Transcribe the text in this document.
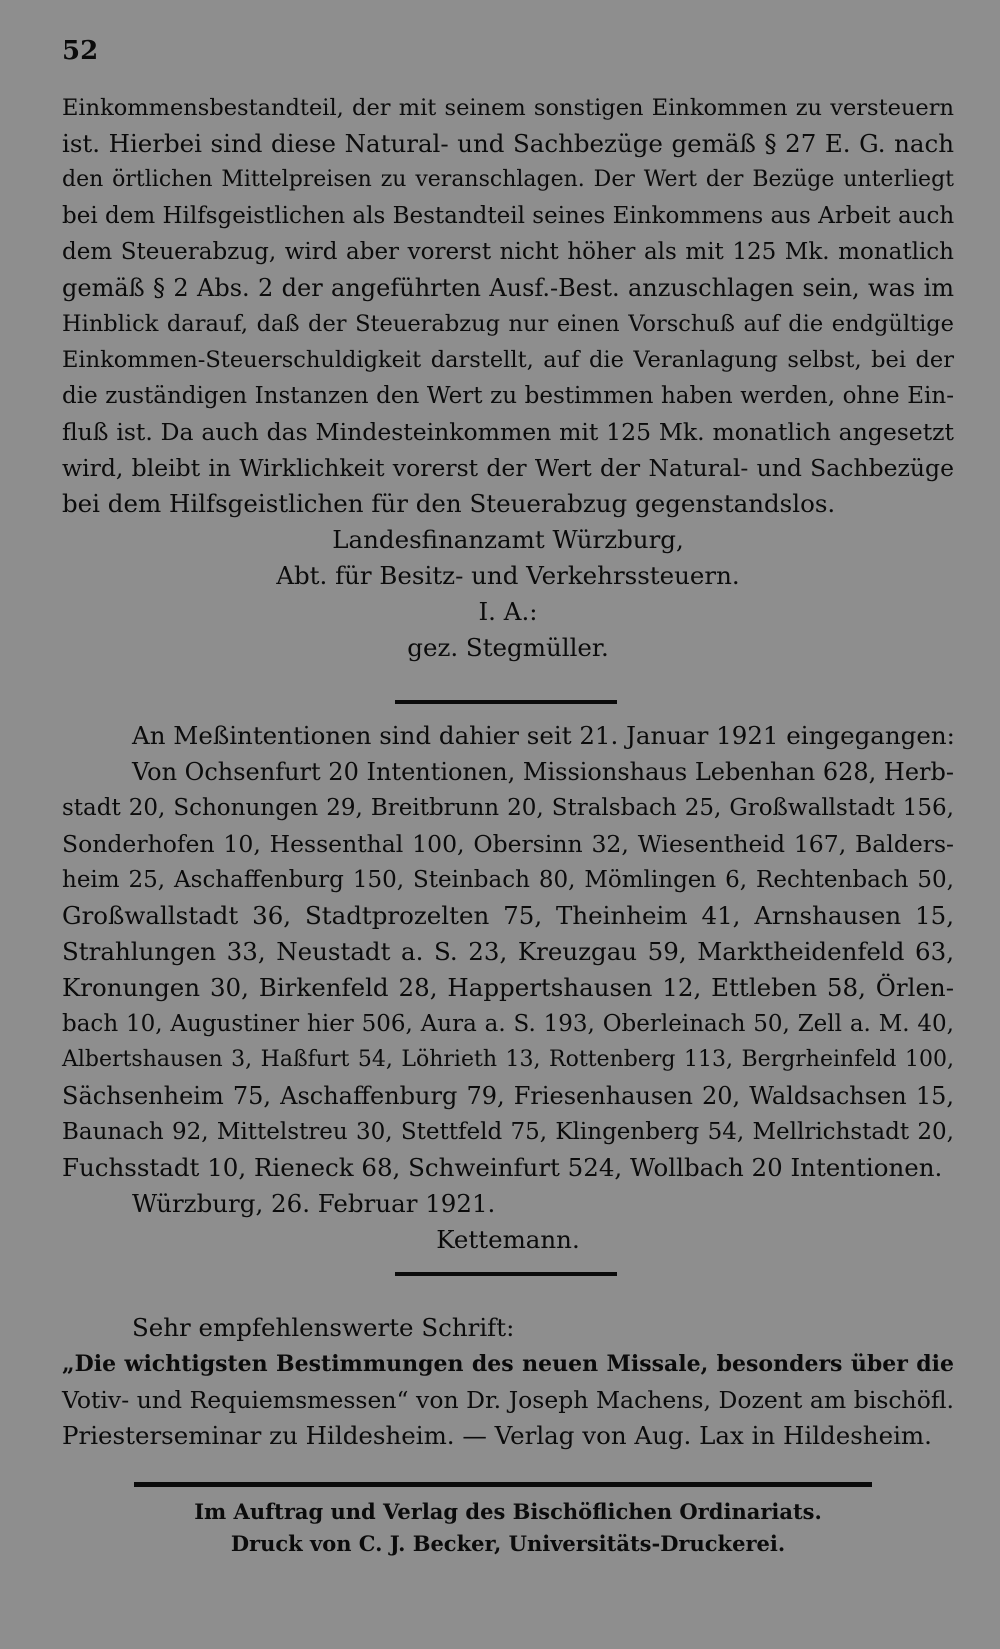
52
Einkommensbestandteil, der mit seinem sonstigen Einkommen zu versteuern
ist. Hierbei sind diese Natural- und Sachbezüge gemäß § 27 E. G. nach
den örtlichen Mittelpreisen zu veranschlagen. Der Wert der Bezüge unterliegt
bei dem Hilfsgeistlichen als Bestandteil seines Einkommens aus Arbeit auch
dem Steuerabzug, wird aber vorerst nicht höher als mit 125 Mk. monatlich
gemäß § 2 Abs. 2 der angeführten Ausf.-Best. anzuschlagen sein, was im
Hinblick darauf, daß der Steuerabzug nur einen Vorschuß auf die endgültige
Einkommen-Steuerschuldigkeit darstellt, auf die Veranlagung selbst, bei der
die zuständigen Instanzen den Wert zu bestimmen haben werden, ohne Ein-
fluß ist. Da auch das Mindesteinkommen mit 125 Mk. monatlich angesetzt
wird, bleibt in Wirklichkeit vorerst der Wert der Natural- und Sachbezüge
bei dem Hilfsgeistlichen für den Steuerabzug gegenstandslos.
Landesfinanzamt Würzburg,
Abt. für Besitz- und Verkehrssteuern.
I. A.:
gez. Stegmüller.
An Meßintentionen sind dahier seit 21. Januar 1921 eingegangen:
Von Ochsenfurt 20 Intentionen, Missionshaus Lebenhan 628, Herb-
stadt 20, Schonungen 29, Breitbrunn 20, Stralsbach 25, Großwallstadt 156,
Sonderhofen 10, Hessenthal 100, Obersinn 32, Wiesentheid 167, Balders-
heim 25, Aschaffenburg 150, Steinbach 80, Mömlingen 6, Rechtenbach 50,
Großwallstadt 36, Stadtprozelten 75, Theinheim 41, Arnshausen 15,
Strahlungen 33, Neustadt a. S. 23, Kreuzgau 59, Marktheidenfeld 63,
Kronungen 30, Birkenfeld 28, Happertshausen 12, Ettleben 58, Örlen-
bach 10, Augustiner hier 506, Aura a. S. 193, Oberleinach 50, Zell a. M. 40,
Albertshausen 3, Haßfurt 54, Löhrieth 13, Rottenberg 113, Bergrheinfeld 100,
Sächsenheim 75, Aschaffenburg 79, Friesenhausen 20, Waldsachsen 15,
Baunach 92, Mittelstreu 30, Stettfeld 75, Klingenberg 54, Mellrichstadt 20,
Fuchsstadt 10, Rieneck 68, Schweinfurt 524, Wollbach 20 Intentionen.
Würzburg, 26. Februar 1921.
Kettemann.
Sehr empfehlenswerte Schrift:
„Die wichtigsten Bestimmungen des neuen Missale, besonders über die
Votiv- und Requiemsmessen“ von Dr. Joseph Machens, Dozent am bischöfl.
Priesterseminar zu Hildesheim. — Verlag von Aug. Lax in Hildesheim.
Im Auftrag und Verlag des Bischöflichen Ordinariats.
Druck von C. J. Becker, Universitäts-Druckerei.
